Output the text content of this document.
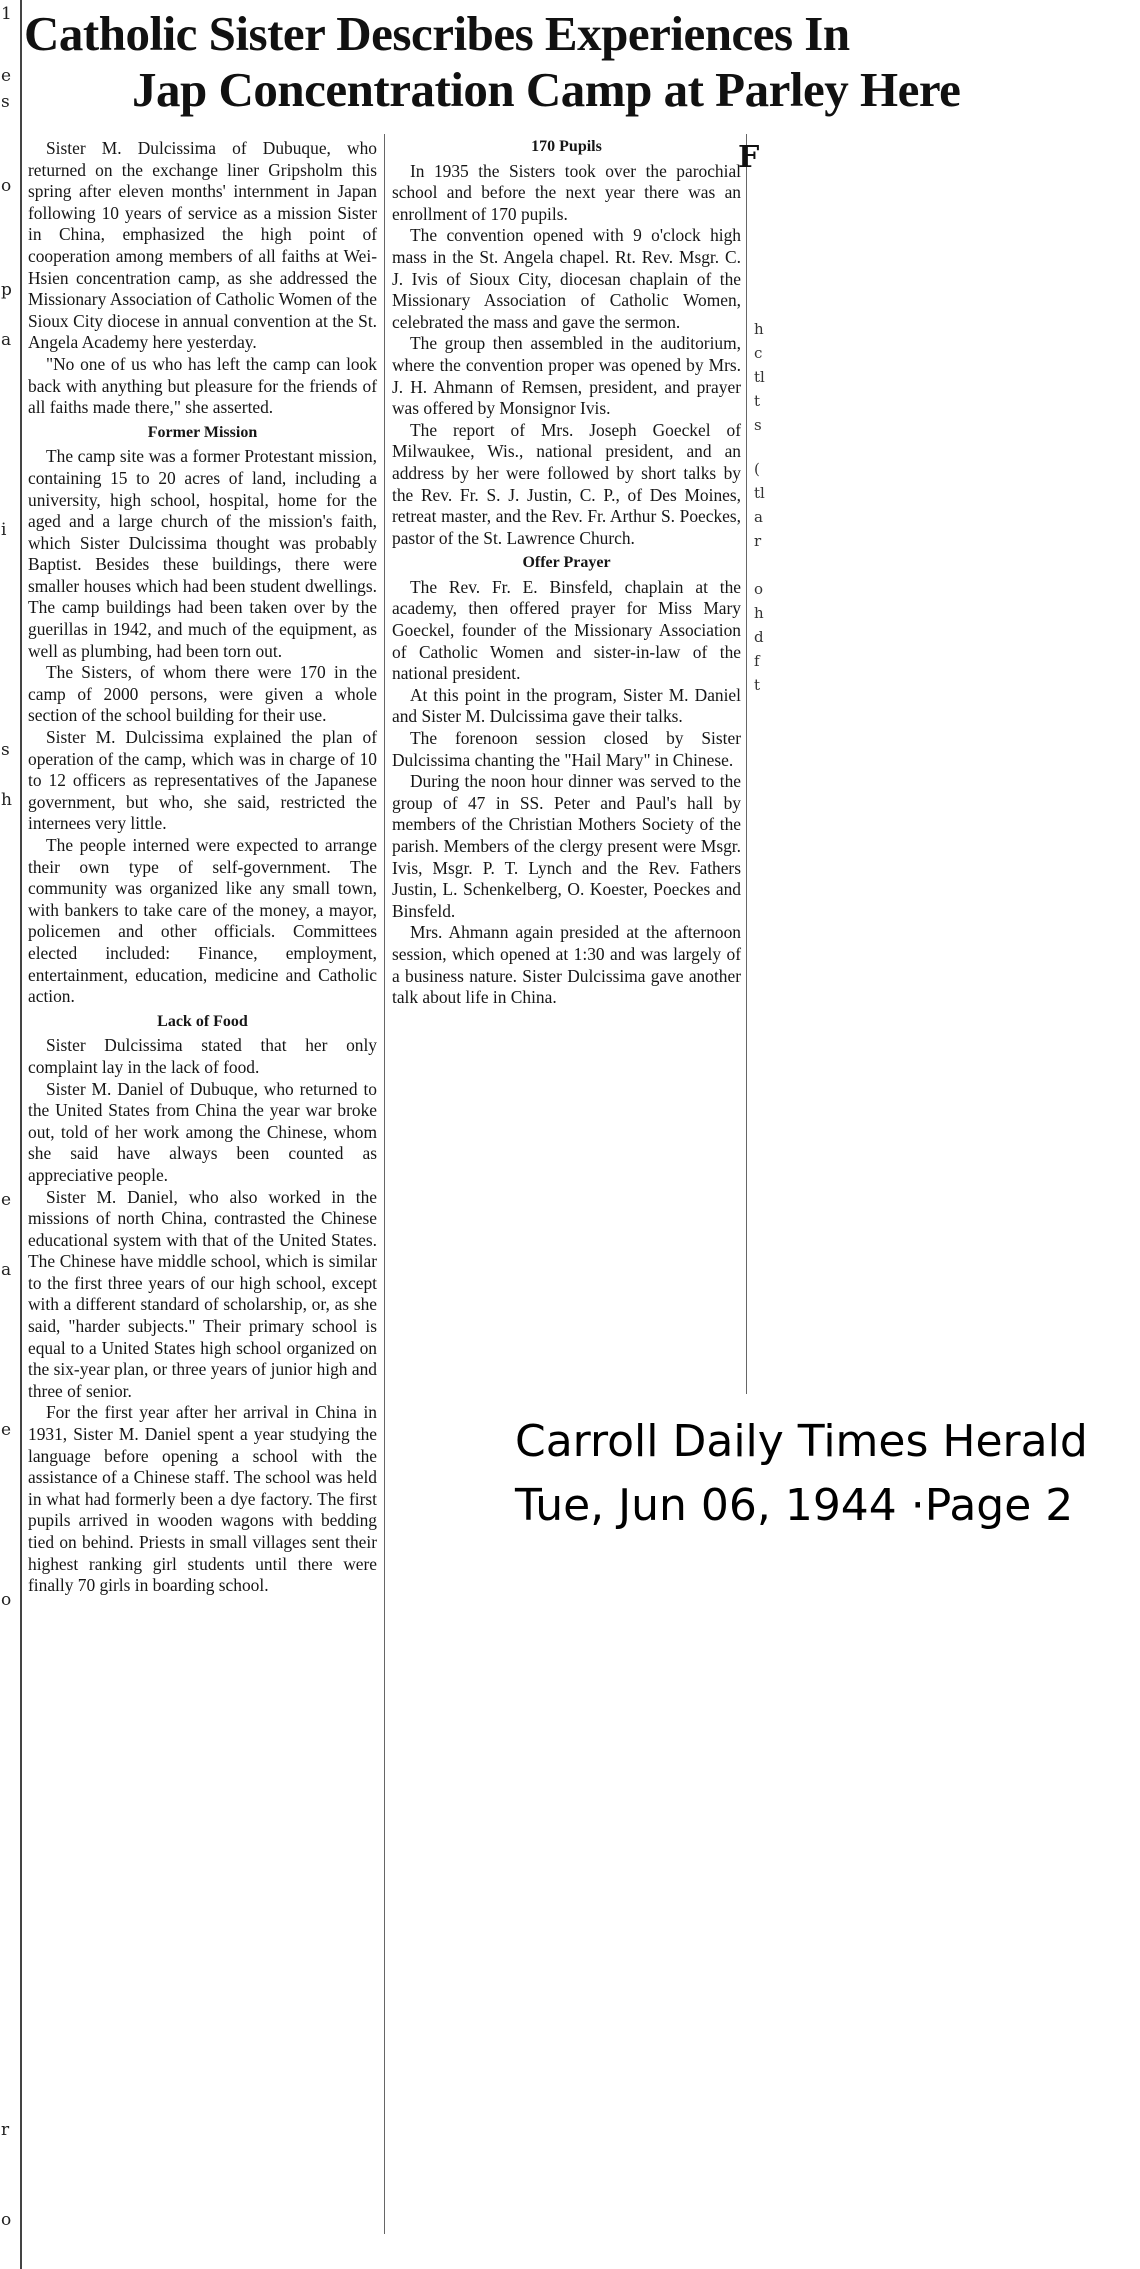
1
e
s
o
p
a
i
s
h
e
a
e
o
r
o
Catholic Sister Describes Experiences In
Jap Concentration Camp at Parley Here

Sister M. Dulcissima of Dubuque, who returned on the exchange liner Gripsholm this spring after eleven months' internment in Japan following 10 years of service as a mission Sister in China, emphasized the high point of cooperation among members of all faiths at Wei-Hsien concentration camp, as she addressed the Missionary Association of Catholic Women of the Sioux City diocese in annual convention at the St. Angela Academy here yesterday.

"No one of us who has left the camp can look back with anything but pleasure for the friends of all faiths made there," she asserted.

Former Mission

The camp site was a former Protestant mission, containing 15 to 20 acres of land, including a university, high school, hospital, home for the aged and a large church of the mission's faith, which Sister Dulcissima thought was probably Baptist. Besides these buildings, there were smaller houses which had been student dwellings. The camp buildings had been taken over by the guerillas in 1942, and much of the equipment, as well as plumbing, had been torn out.

The Sisters, of whom there were 170 in the camp of 2000 persons, were given a whole section of the school building for their use.

Sister M. Dulcissima explained the plan of operation of the camp, which was in charge of 10 to 12 officers as representatives of the Japanese government, but who, she said, restricted the internees very little.

The people interned were expected to arrange their own type of self-government. The community was organized like any small town, with bankers to take care of the money, a mayor, policemen and other officials. Committees elected included: Finance, employment, entertainment, education, medicine and Catholic action.

Lack of Food

Sister Dulcissima stated that her only complaint lay in the lack of food.

Sister M. Daniel of Dubuque, who returned to the United States from China the year war broke out, told of her work among the Chinese, whom she said have always been counted as appreciative people.

Sister M. Daniel, who also worked in the missions of north China, contrasted the Chinese educational system with that of the United States. The Chinese have middle school, which is similar to the first three years of our high school, except with a different standard of scholarship, or, as she said, "harder subjects." Their primary school is equal to a United States high school organized on the six-year plan, or three years of junior high and three of senior.

For the first year after her arrival in China in 1931, Sister M. Daniel spent a year studying the language before opening a school with the assistance of a Chinese staff. The school was held in what had formerly been a dye factory. The first pupils arrived in wooden wagons with bedding tied on behind. Priests in small villages sent their highest ranking girl students until there were finally 70 girls in boarding school.

170 Pupils

In 1935 the Sisters took over the parochial school and before the next year there was an enrollment of 170 pupils.

The convention opened with 9 o'clock high mass in the St. Angela chapel. Rt. Rev. Msgr. C. J. Ivis of Sioux City, diocesan chaplain of the Missionary Association of Catholic Women, celebrated the mass and gave the sermon.

The group then assembled in the auditorium, where the convention proper was opened by Mrs. J. H. Ahmann of Remsen, president, and prayer was offered by Monsignor Ivis.

The report of Mrs. Joseph Goeckel of Milwaukee, Wis., national president, and an address by her were followed by short talks by the Rev. Fr. S. J. Justin, C. P., of Des Moines, retreat master, and the Rev. Fr. Arthur S. Poeckes, pastor of the St. Lawrence Church.

Offer Prayer

The Rev. Fr. E. Binsfeld, chaplain at the academy, then offered prayer for Miss Mary Goeckel, founder of the Missionary Association of Catholic Women and sister-in-law of the national president.

At this point in the program, Sister M. Daniel and Sister M. Dulcissima gave their talks.

The forenoon session closed by Sister Dulcissima chanting the "Hail Mary" in Chinese.

During the noon hour dinner was served to the group of 47 in SS. Peter and Paul's hall by members of the Christian Mothers Society of the parish. Members of the clergy present were Msgr. Ivis, Msgr. P. T. Lynch and the Rev. Fathers Justin, L. Schenkelberg, O. Koester, Poeckes and Binsfeld.

Mrs. Ahmann again presided at the afternoon session, which opened at 1:30 and was largely of a business nature. Sister Dulcissima gave another talk about life in China.

F
h
c
tl
t
s
(
tl
a
r
o
h
d
f
t
Carroll Daily Times Herald
Tue, Jun 06, 1944 ·Page 2
